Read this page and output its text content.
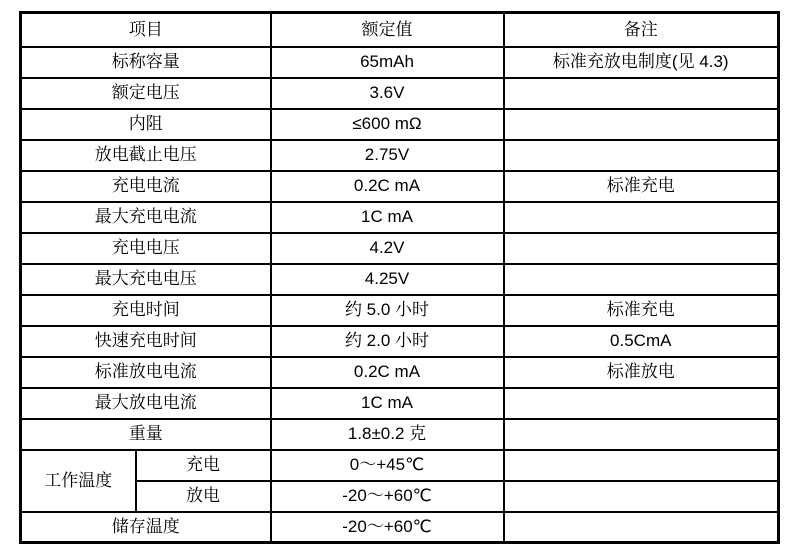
项目		额定值	备注
标称容量		65mAh	标准充放电制度(见 4.3)
额定电压		3.6V	
内阻		≤600 mΩ	
放电截止电压		2.75V	
充电电流		0.2C mA	标准充电
最大充电电流		1C mA	
充电电压		4.2V	
最大充电电压		4.25V	
充电时间		约 5.0 小时	标准充电
快速充电时间		约 2.0 小时	0.5CmA
标准放电电流		0.2C mA	标准放电
最大放电电流		1C mA	
重量		1.8±0.2 克	
工作温度	充电	0～+45℃	
	放电	-20～+60℃	
储存温度		-20～+60℃	
